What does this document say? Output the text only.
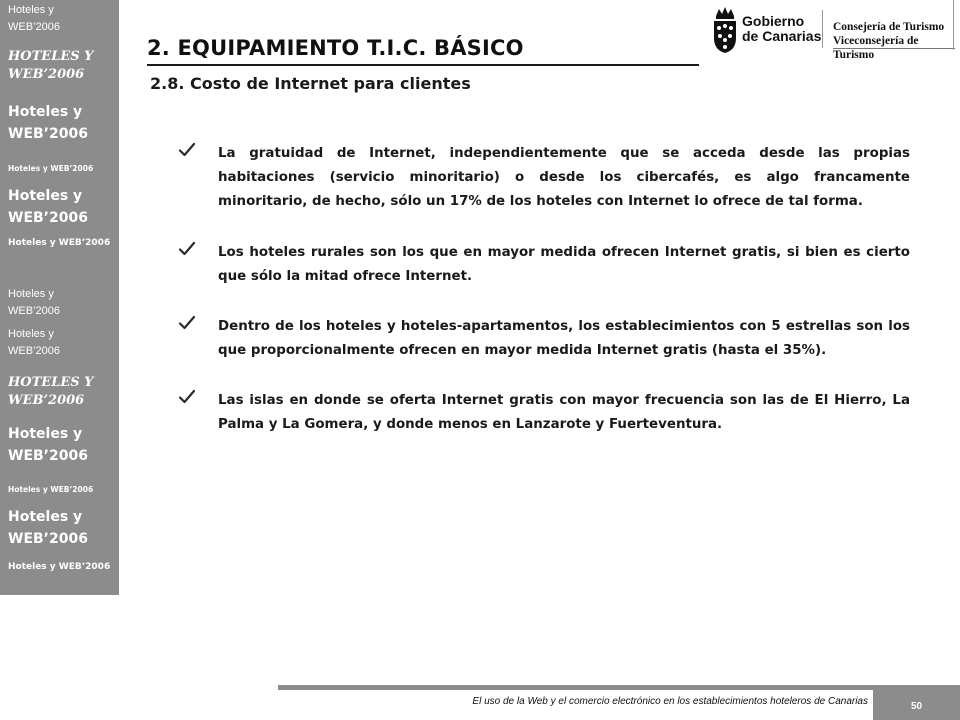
Hoteles y WEB’2006
HOTELES Y WEB’2006
Hoteles y WEB’2006
Hoteles y WEB’2006
Hoteles y WEB’2006
Hoteles y WEB’2006
Hoteles y WEB’2006
Hoteles y WEB’2006
HOTELES Y WEB’2006
Hoteles y WEB’2006
Hoteles y WEB’2006
Hoteles y WEB’2006
Hoteles y WEB’2006
2. EQUIPAMIENTO T.I.C. BÁSICO
2.8. Costo de Internet para clientes
Gobierno
de Canarias
Consejería de Turismo
Viceconsejería de Turismo

La gratuidad de Internet, independientemente que se acceda desde las propias habitaciones (servicio minoritario) o desde los cibercafés, es algo francamente minoritario, de hecho, sólo un 17% de los hoteles con Internet lo ofrece de tal forma.

Los hoteles rurales son los que en mayor medida ofrecen Internet gratis, si bien es cierto que sólo la mitad ofrece Internet.

Dentro de los hoteles y hoteles-apartamentos, los establecimientos con 5 estrellas son los que proporcionalmente ofrecen en mayor medida Internet gratis (hasta el 35%).

Las islas en donde se oferta Internet gratis con mayor frecuencia son las de El Hierro, La Palma y La Gomera, y donde menos en Lanzarote y Fuerteventura.

El uso de la Web y el comercio electrónico en los establecimientos hoteleros de Canarias	50
